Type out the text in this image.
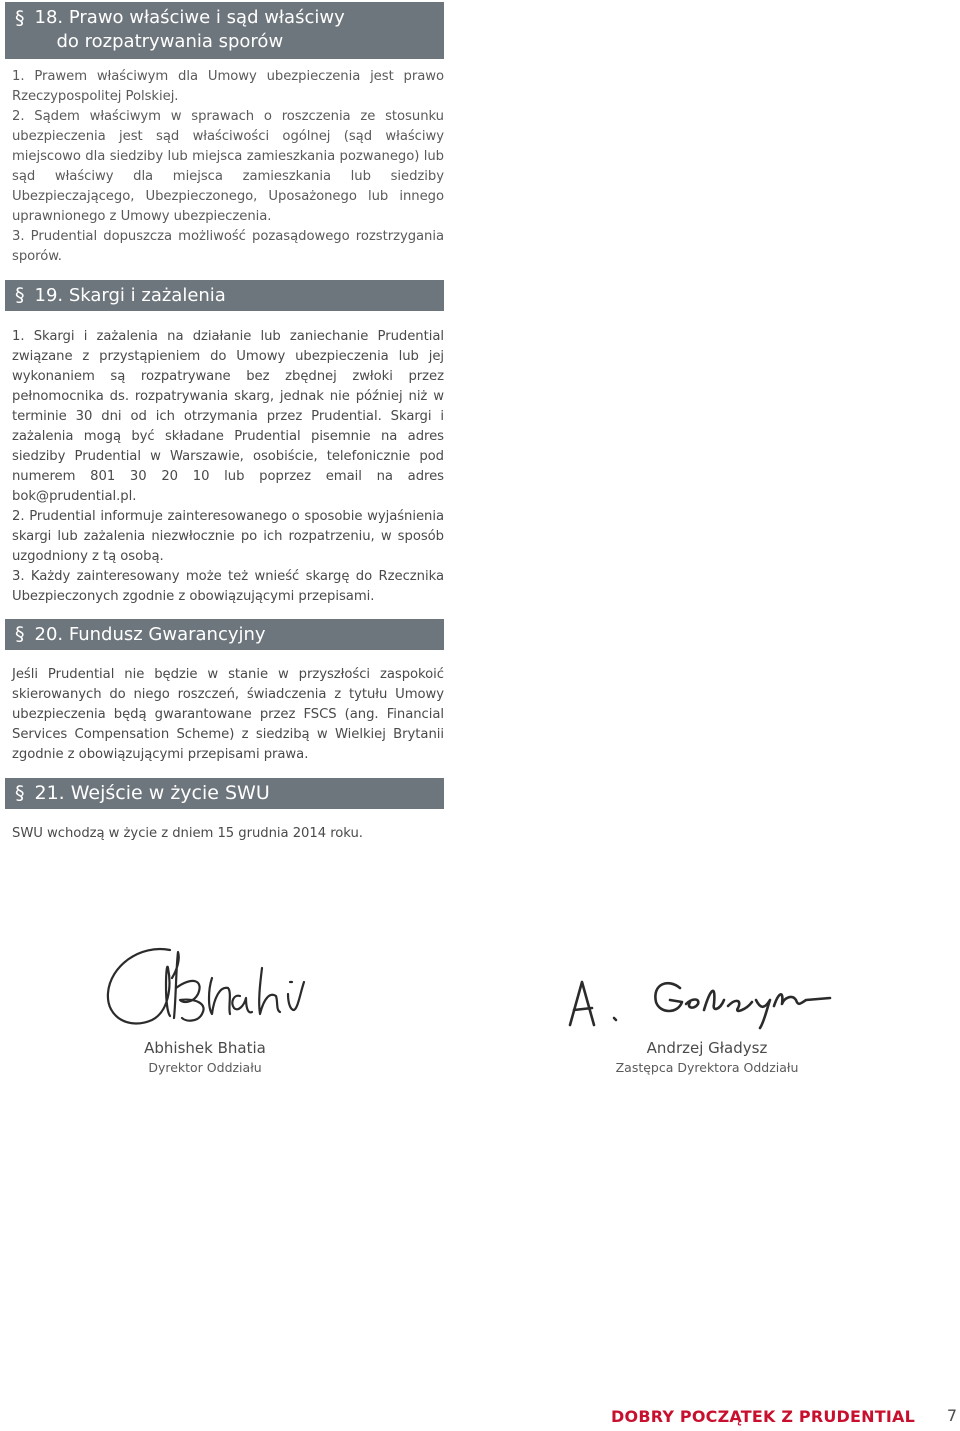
§ 18. Prawo właściwe i sąd właściwy
do rozpatrywania sporów

1. Prawem właściwym dla Umowy ubezpieczenia jest prawo Rzeczypospolitej Polskiej.

2. Sądem właściwym w sprawach o roszczenia ze stosunku ubezpieczenia jest sąd właściwości ogólnej (sąd właściwy miejscowo dla siedziby lub miejsca zamieszkania pozwanego) lub sąd właściwy dla miejsca zamieszkania lub siedziby Ubezpieczającego, Ubezpieczonego, Uposażonego lub innego uprawnionego z Umowy ubezpieczenia.

3. Prudential dopuszcza możliwość pozasądowego rozstrzygania sporów.

§ 19. Skargi i zażalenia

1. Skargi i zażalenia na działanie lub zaniechanie Prudential związane z przystąpieniem do Umowy ubezpieczenia lub jej wykonaniem są rozpatrywane bez zbędnej zwłoki przez pełnomocnika ds. rozpatrywania skarg, jednak nie później niż w terminie 30 dni od ich otrzymania przez Prudential. Skargi i zażalenia mogą być składane Prudential pisemnie na adres siedziby Prudential w Warszawie, osobiście, telefonicznie pod numerem 801 30 20 10 lub poprzez email na adres bok@prudential.pl.

2. Prudential informuje zainteresowanego o sposobie wyjaśnienia skargi lub zażalenia niezwłocznie po ich rozpatrzeniu, w sposób uzgodniony z tą osobą.

3. Każdy zainteresowany może też wnieść skargę do Rzecznika Ubezpieczonych zgodnie z obowiązującymi przepisami.

§ 20. Fundusz Gwarancyjny

Jeśli Prudential nie będzie w stanie w przyszłości zaspokoić skierowanych do niego roszczeń, świadczenia z tytułu Umowy ubezpieczenia będą gwarantowane przez FSCS (ang. Financial Services Compensation Scheme) z siedzibą w Wielkiej Brytanii zgodnie z obowiązującymi przepisami prawa.

§ 21. Wejście w życie SWU

SWU wchodzą w życie z dniem 15 grudnia 2014 roku.

Abhishek Bhatia
Dyrektor Oddziału
Andrzej Gładysz
Zastępca Dyrektora Oddziału
DOBRY POCZĄTEK Z PRUDENTIAL 7
